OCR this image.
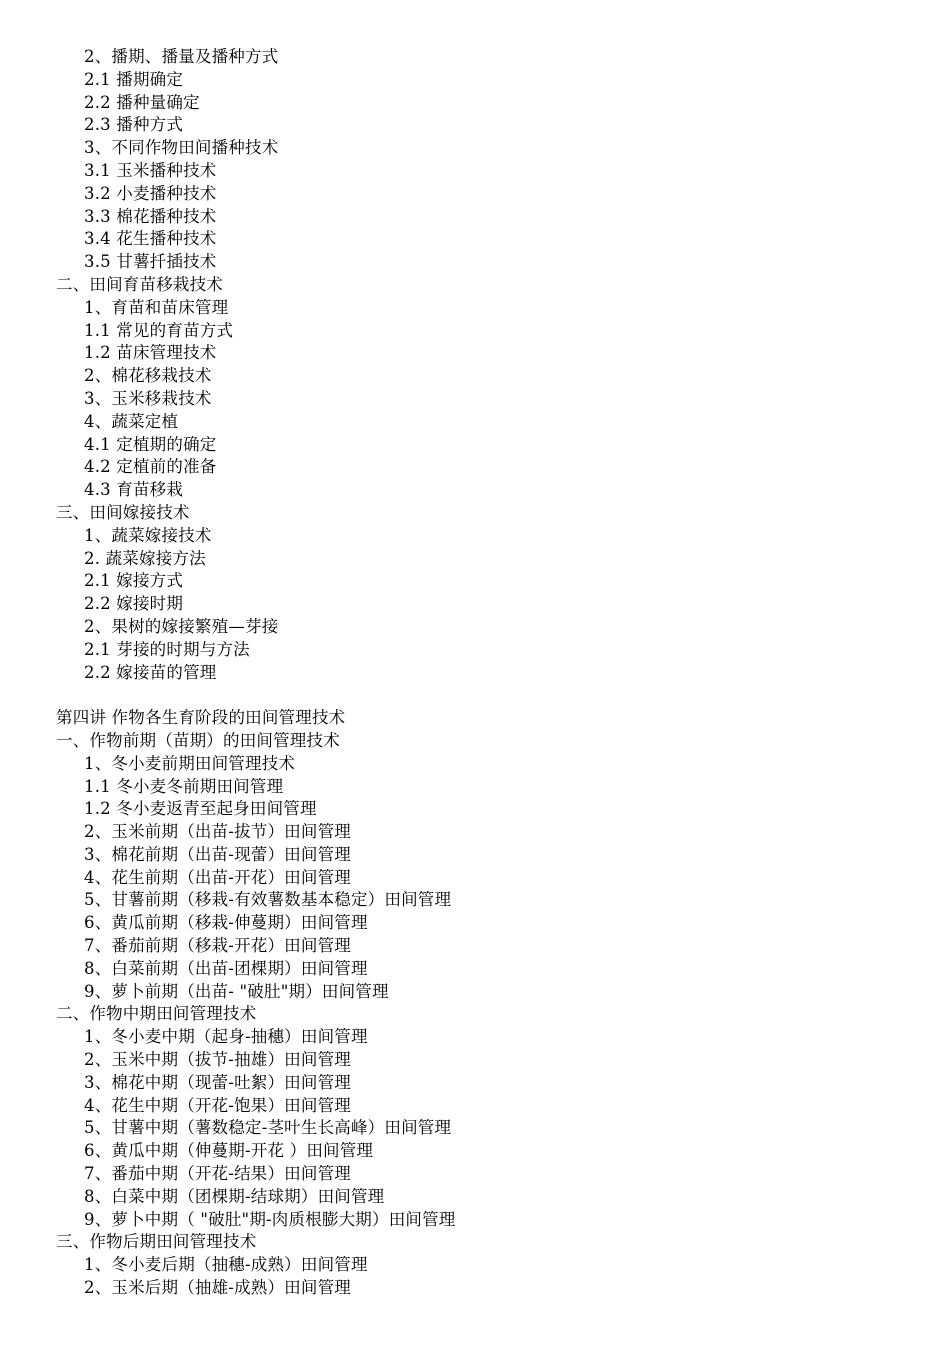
2、播期、播量及播种方式
2.1 播期确定
2.2 播种量确定
2.3 播种方式
3、不同作物田间播种技术
3.1 玉米播种技术
3.2 小麦播种技术
3.3 棉花播种技术
3.4 花生播种技术
3.5 甘薯扦插技术
二、田间育苗移栽技术
1、育苗和苗床管理
1.1 常见的育苗方式
1.2 苗床管理技术
2、棉花移栽技术
3、玉米移栽技术
4、蔬菜定植
4.1 定植期的确定
4.2 定植前的准备
4.3 育苗移栽
三、田间嫁接技术
1、蔬菜嫁接技术
2. 蔬菜嫁接方法
2.1 嫁接方式
2.2 嫁接时期
2、果树的嫁接繁殖—芽接
2.1 芽接的时期与方法
2.2 嫁接苗的管理
第四讲 作物各生育阶段的田间管理技术
一、作物前期（苗期）的田间管理技术
1、冬小麦前期田间管理技术
1.1 冬小麦冬前期田间管理
1.2 冬小麦返青至起身田间管理
2、玉米前期（出苗-拔节）田间管理
3、棉花前期（出苗-现蕾）田间管理
4、花生前期（出苗-开花）田间管理
5、甘薯前期（移栽-有效薯数基本稳定）田间管理
6、黄瓜前期（移栽-伸蔓期）田间管理
7、番茄前期（移栽-开花）田间管理
8、白菜前期（出苗-团棵期）田间管理
9、萝卜前期（出苗- "破肚"期）田间管理
二、作物中期田间管理技术
1、冬小麦中期（起身-抽穗）田间管理
2、玉米中期（拔节-抽雄）田间管理
3、棉花中期（现蕾-吐絮）田间管理
4、花生中期（开花-饱果）田间管理
5、甘薯中期（薯数稳定-茎叶生长高峰）田间管理
6、黄瓜中期（伸蔓期-开花 ）田间管理
7、番茄中期（开花-结果）田间管理
8、白菜中期（团棵期-结球期）田间管理
9、萝卜中期（ "破肚"期-肉质根膨大期）田间管理
三、作物后期田间管理技术
1、冬小麦后期（抽穗-成熟）田间管理
2、玉米后期（抽雄-成熟）田间管理
